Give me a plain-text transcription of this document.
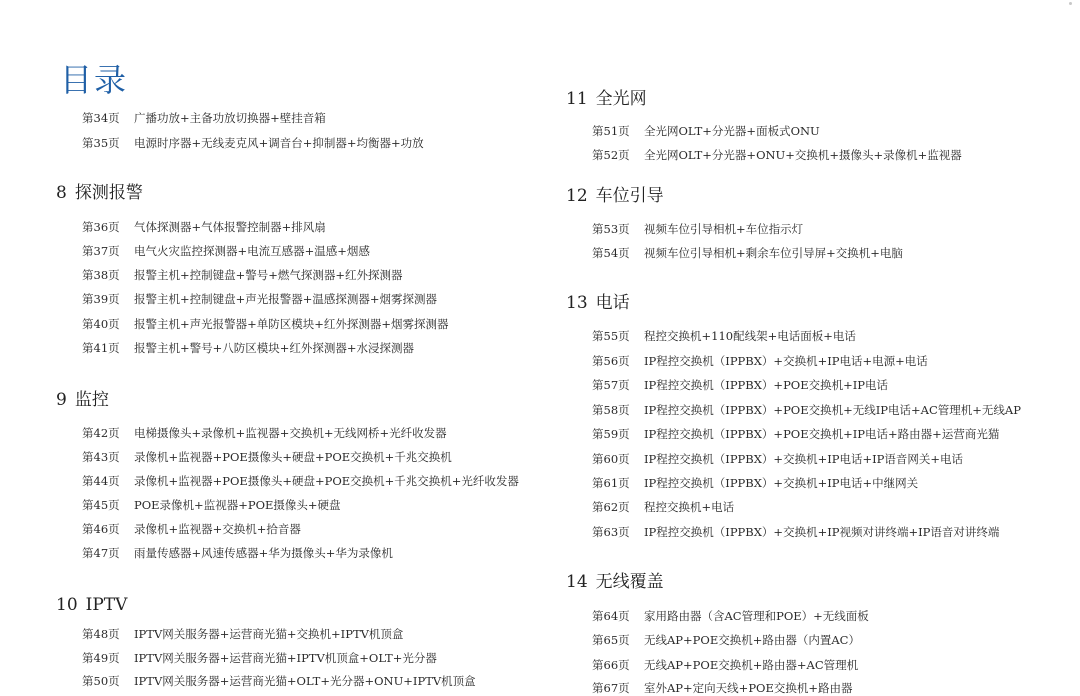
目录
第34页 广播功放+主备功放切换器+壁挂音箱
第35页 电源时序器+无线麦克风+调音台+抑制器+均衡器+功放
8 探测报警
第36页 气体探测器+气体报警控制器+排风扇
第37页 电气火灾监控探测器+电流互感器+温感+烟感
第38页 报警主机+控制键盘+警号+燃气探测器+红外探测器
第39页 报警主机+控制键盘+声光报警器+温感探测器+烟雾探测器
第40页 报警主机+声光报警器+单防区模块+红外探测器+烟雾探测器
第41页 报警主机+警号+八防区模块+红外探测器+水浸探测器
9 监控
第42页 电梯摄像头+录像机+监视器+交换机+无线网桥+光纤收发器
第43页 录像机+监视器+POE摄像头+硬盘+POE交换机+千兆交换机
第44页 录像机+监视器+POE摄像头+硬盘+POE交换机+千兆交换机+光纤收发器
第45页 POE录像机+监视器+POE摄像头+硬盘
第46页 录像机+监视器+交换机+拾音器
第47页 雨量传感器+风速传感器+华为摄像头+华为录像机
10 IPTV
第48页 IPTV网关服务器+运营商光猫+交换机+IPTV机顶盒
第49页 IPTV网关服务器+运营商光猫+IPTV机顶盒+OLT+光分器
第50页 IPTV网关服务器+运营商光猫+OLT+光分器+ONU+IPTV机顶盒
11 全光网
第51页 全光网OLT+分光器+面板式ONU
第52页 全光网OLT+分光器+ONU+交换机+摄像头+录像机+监视器
12 车位引导
第53页 视频车位引导相机+车位指示灯
第54页 视频车位引导相机+剩余车位引导屏+交换机+电脑
13 电话
第55页 程控交换机+110配线架+电话面板+电话
第56页 IP程控交换机（IPPBX）+交换机+IP电话+电源+电话
第57页 IP程控交换机（IPPBX）+POE交换机+IP电话
第58页 IP程控交换机（IPPBX）+POE交换机+无线IP电话+AC管理机+无线AP
第59页 IP程控交换机（IPPBX）+POE交换机+IP电话+路由器+运营商光猫
第60页 IP程控交换机（IPPBX）+交换机+IP电话+IP语音网关+电话
第61页 IP程控交换机（IPPBX）+交换机+IP电话+中继网关
第62页 程控交换机+电话
第63页 IP程控交换机（IPPBX）+交换机+IP视频对讲终端+IP语音对讲终端
14 无线覆盖
第64页 家用路由器（含AC管理和POE）+无线面板
第65页 无线AP+POE交换机+路由器（内置AC）
第66页 无线AP+POE交换机+路由器+AC管理机
第67页 室外AP+定向天线+POE交换机+路由器
